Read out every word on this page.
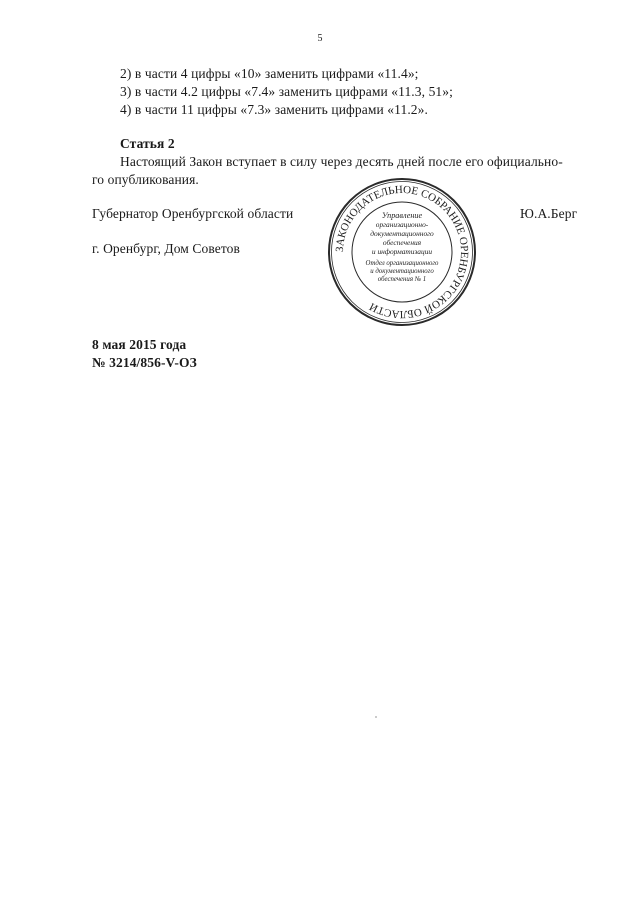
5
2) в части 4 цифры «10» заменить цифрами «11.4»;
3) в части 4.2 цифры «7.4» заменить цифрами «11.3, 51»;
4) в части 11 цифры «7.3» заменить цифрами «11.2».
Статья 2
Настоящий Закон вступает в силу через десять дней после его официально-
го опубликования.
Губернатор Оренбургской области	Ю.А.Берг
г. Оренбург, Дом Советов	ЗАКОНОДАТЕЛЬНОЕ СОБРАНИЕ ОРЕНБУРГСКОЙ ОБЛАСТИ
Управление
организационно-
документационного
обеспечения
и информатизации
Отдел организационного
и документационного
обеспечения № 1
8 мая 2015 года
№ 3214/856-V-ОЗ
